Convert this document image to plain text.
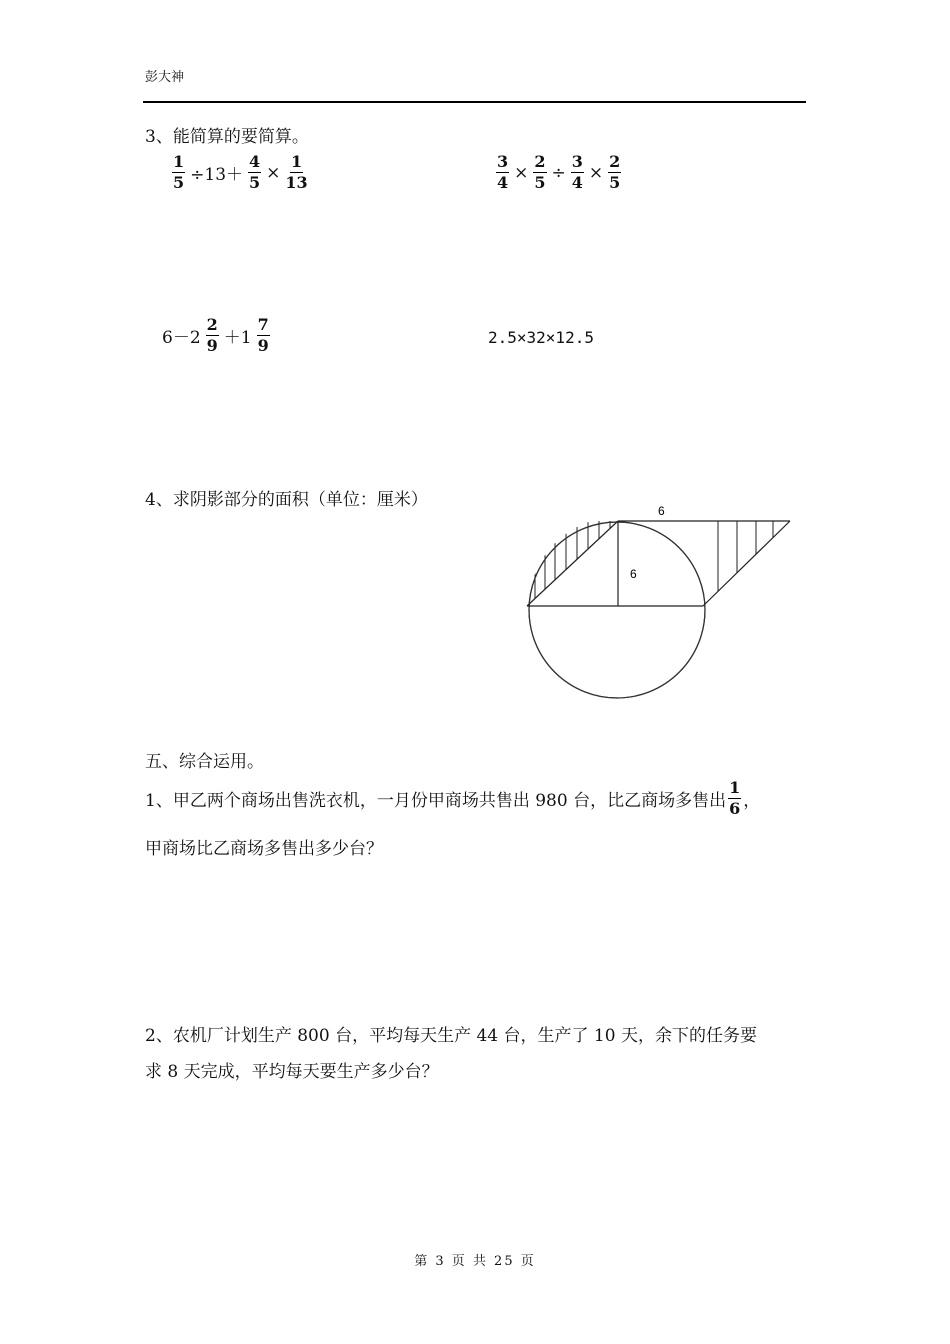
彭大神
3、能简算的要简算。
$\frac{1}{5} \div 13+ \frac{4}{5} \times \frac{1}{13}$	$\frac{3}{4} \times \frac{2}{5} \div \frac{3}{4} \times \frac{2}{5}$
$6-2 \frac{2}{9} +1 \frac{7}{9}$	2.5×32×12.5
4、求阴影部分的面积（单位：厘米）
6
6
五、综合运用。
1、甲乙两个商场出售洗衣机，一月份甲商场共售出 980 台，比乙商场多售出 $\frac{1}{6}$ ，
甲商场比乙商场多售出多少台？
2、农机厂计划生产 800 台，平均每天生产 44 台，生产了 10 天，余下的任务要
求 8 天完成，平均每天要生产多少台？
第 3 页 共 25 页
